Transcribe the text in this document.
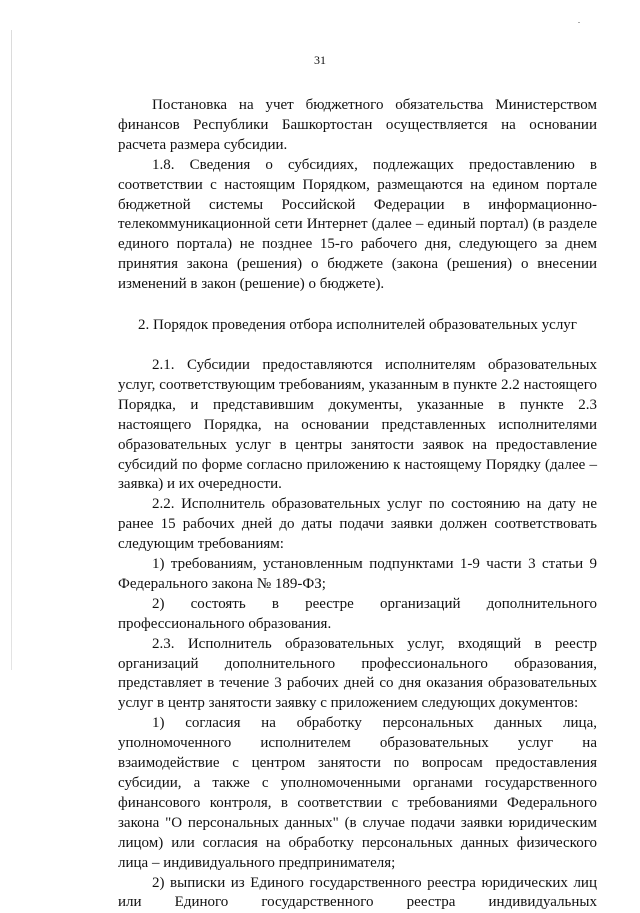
31

Постановка на учет бюджетного обязательства Министерством финансов Республики Башкортостан осуществляется на основании расчета размера субсидии.

1.8. Сведения о субсидиях, подлежащих предоставлению в соответствии с настоящим Порядком, размещаются на едином портале бюджетной системы Российской Федерации в информационно-телекоммуникационной сети Интернет (далее – единый портал) (в разделе единого портала) не позднее 15-го рабочего дня, следующего за днем принятия закона (решения) о бюджете (закона (решения) о внесении изменений в закон (решение) о бюджете).

2. Порядок проведения отбора исполнителей образовательных услуг

2.1. Субсидии предоставляются исполнителям образовательных услуг, соответствующим требованиям, указанным в пункте 2.2 настоящего Порядка, и представившим документы, указанные в пункте 2.3 настоящего Порядка, на основании представленных исполнителями образовательных услуг в центры занятости заявок на предоставление субсидий по форме согласно приложению к настоящему Порядку (далее – заявка) и их очередности.

2.2. Исполнитель образовательных услуг по состоянию на дату не ранее 15 рабочих дней до даты подачи заявки должен соответствовать следующим требованиям:

1) требованиям, установленным подпунктами 1-9 части 3 статьи 9 Федерального закона № 189-ФЗ;

2) состоять в реестре организаций дополнительного профессионального образования.

2.3. Исполнитель образовательных услуг, входящий в реестр организаций дополнительного профессионального образования, представляет в течение 3 рабочих дней со дня оказания образовательных услуг в центр занятости заявку с приложением следующих документов:

1) согласия на обработку персональных данных лица, уполномоченного исполнителем образовательных услуг на взаимодействие с центром занятости по вопросам предоставления субсидии, а также с уполномоченными органами государственного финансового контроля, в соответствии с требованиями Федерального закона "О персональных данных" (в случае подачи заявки юридическим лицом) или согласия на обработку персональных данных физического лица – индивидуального предпринимателя;

2) выписки из Единого государственного реестра юридических лиц или Единого государственного реестра индивидуальных
